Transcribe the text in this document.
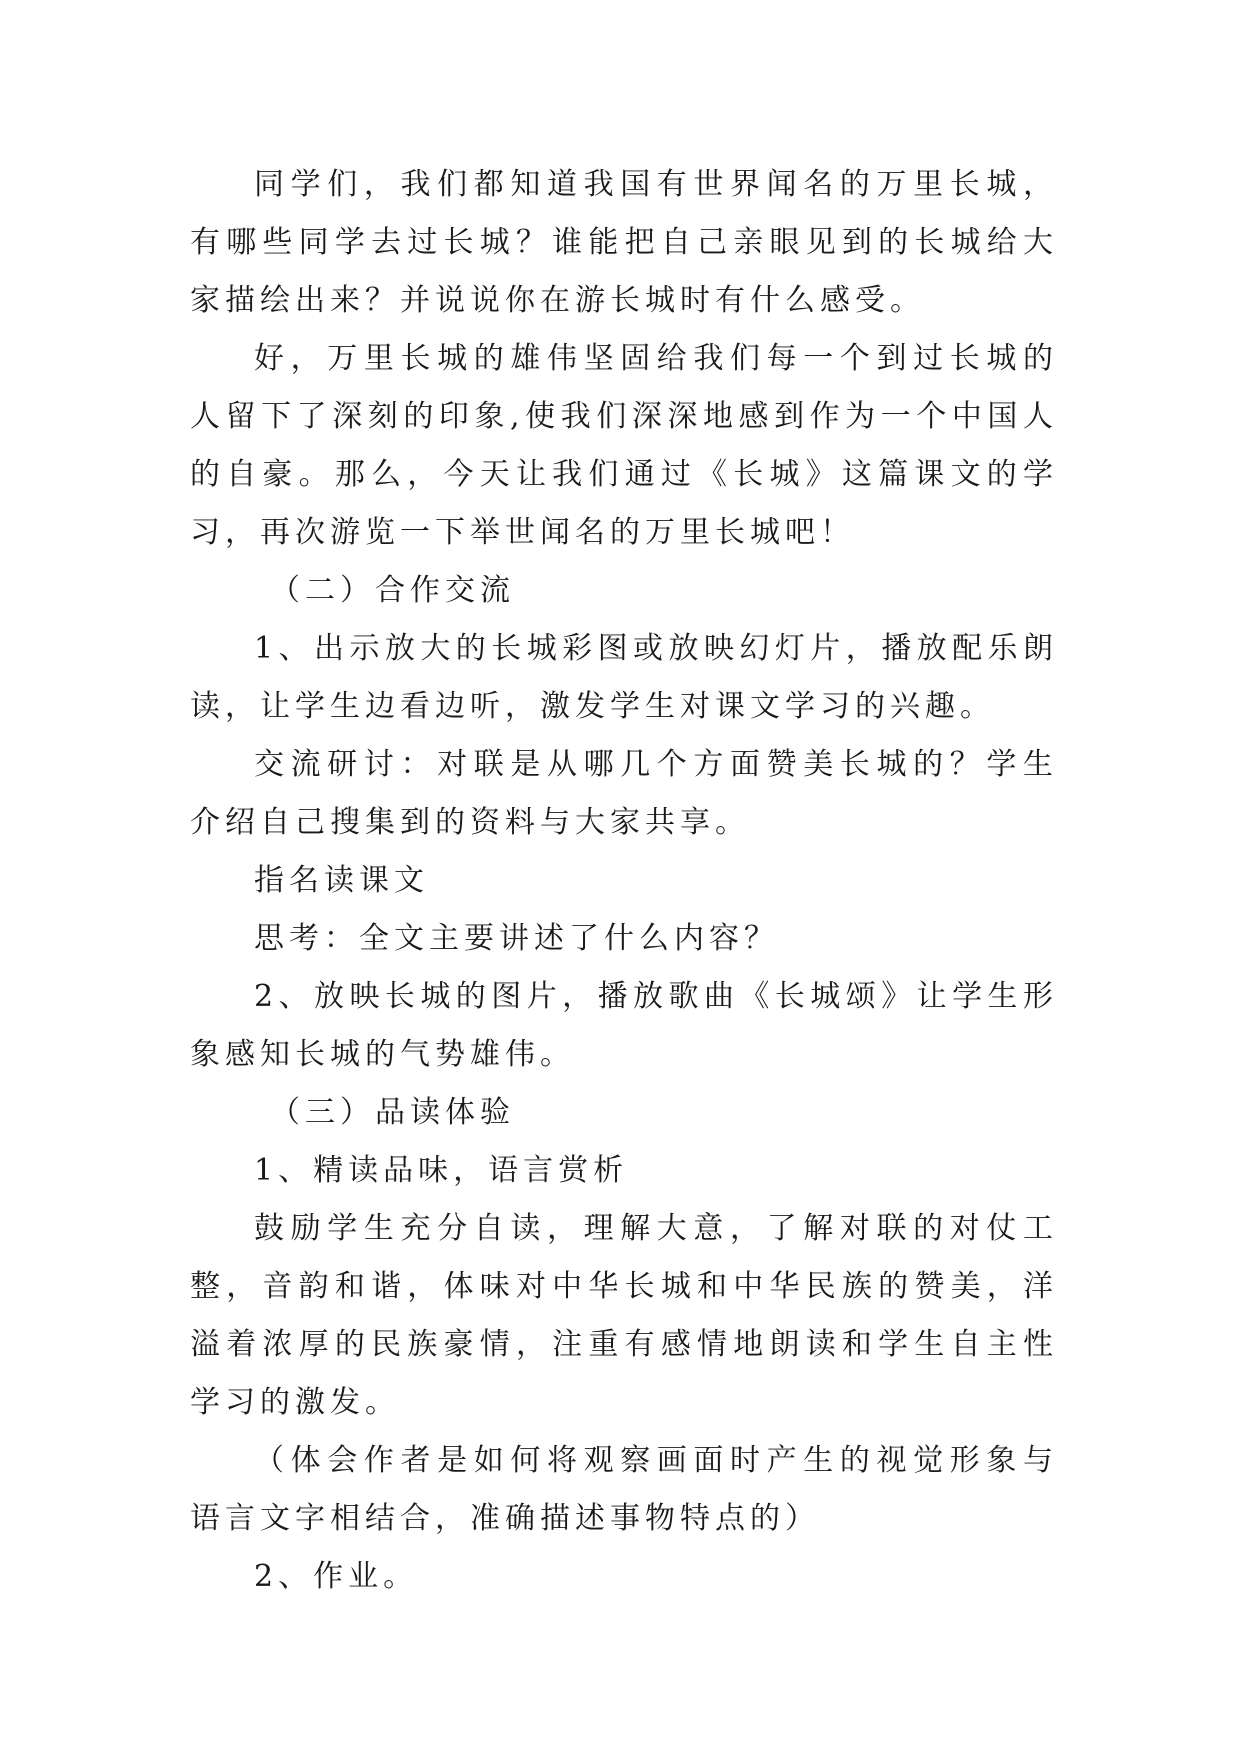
同学们，我们都知道我国有世界闻名的万里长城，有哪些同学去过长城？谁能把自己亲眼见到的长城给大家描绘出来？并说说你在游长城时有什么感受。

好，万里长城的雄伟坚固给我们每一个到过长城的人留下了深刻的印象,使我们深深地感到作为一个中国人的自豪。那么，今天让我们通过《长城》这篇课文的学习，再次游览一下举世闻名的万里长城吧！

（二）合作交流

1、出示放大的长城彩图或放映幻灯片，播放配乐朗读，让学生边看边听，激发学生对课文学习的兴趣。

交流研讨：对联是从哪几个方面赞美长城的？学生介绍自己搜集到的资料与大家共享。

指名读课文

思考：全文主要讲述了什么内容？

2、放映长城的图片，播放歌曲《长城颂》让学生形象感知长城的气势雄伟。

（三）品读体验

1、精读品味，语言赏析

鼓励学生充分自读，理解大意，了解对联的对仗工整，音韵和谐，体味对中华长城和中华民族的赞美，洋溢着浓厚的民族豪情，注重有感情地朗读和学生自主性学习的激发。

（体会作者是如何将观察画面时产生的视觉形象与语言文字相结合，准确描述事物特点的）

2、作业。
